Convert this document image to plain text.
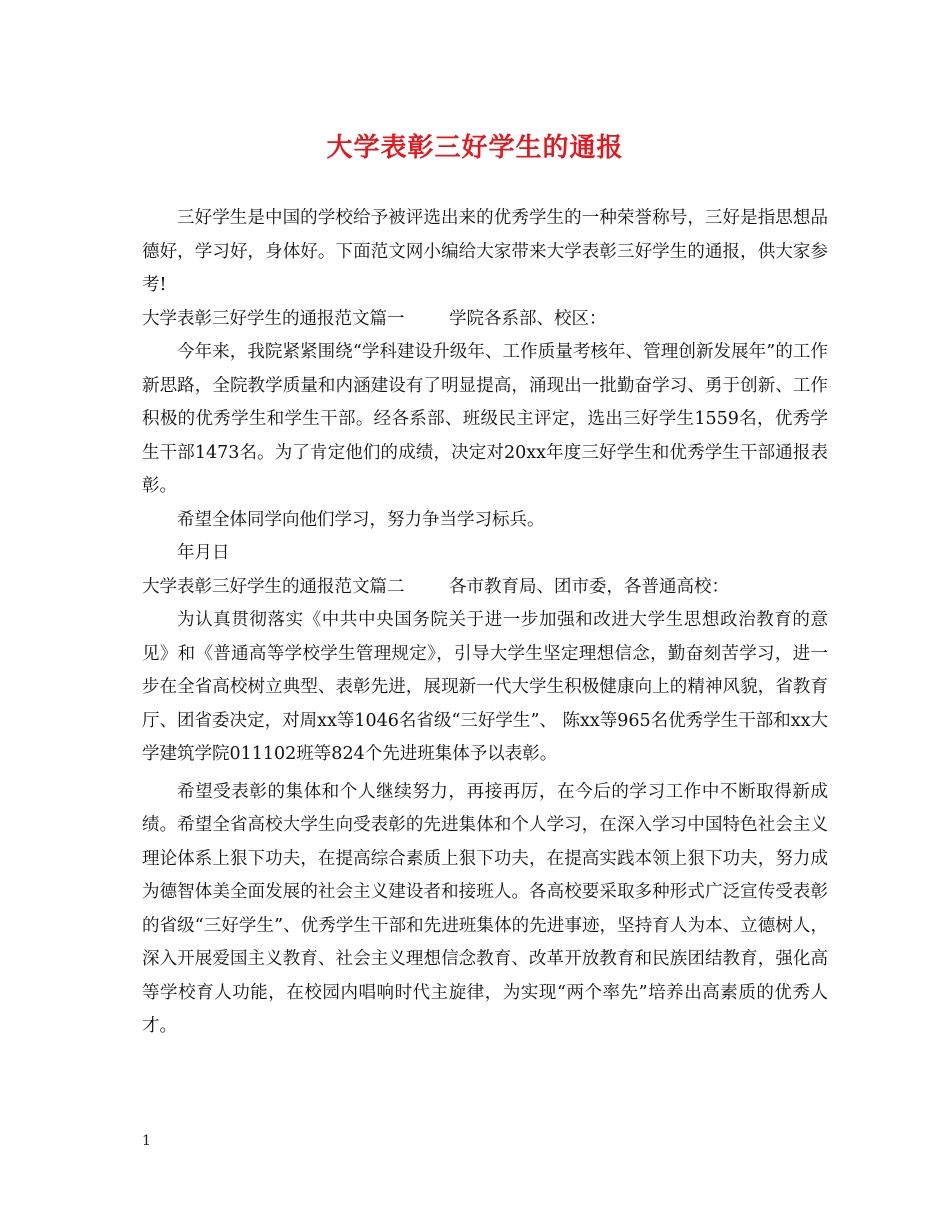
大学表彰三好学生的通报

三好学生是中国的学校给予被评选出来的优秀学生的一种荣誉称号，三好是指思想品德好，学习好，身体好。下面范文网小编给大家带来大学表彰三好学生的通报，供大家参考!

大学表彰三好学生的通报范文篇一	学院各系部、校区：

今年来，我院紧紧围绕“学科建设升级年、工作质量考核年、管理创新发展年”的工作新思路，全院教学质量和内涵建设有了明显提高，涌现出一批勤奋学习、勇于创新、工作积极的优秀学生和学生干部。经各系部、班级民主评定，选出三好学生1559名，优秀学生干部1473名。为了肯定他们的成绩，决定对20xx年度三好学生和优秀学生干部通报表彰。

希望全体同学向他们学习，努力争当学习标兵。

年月日

大学表彰三好学生的通报范文篇二	各市教育局、团市委，各普通高校：

为认真贯彻落实《中共中央国务院关于进一步加强和改进大学生思想政治教育的意见》和《普通高等学校学生管理规定》，引导大学生坚定理想信念，勤奋刻苦学习，进一步在全省高校树立典型、表彰先进，展现新一代大学生积极健康向上的精神风貌，省教育厅、团省委决定，对周xx等1046名省级“三好学生”、 陈xx等965名优秀学生干部和xx大学建筑学院011102班等824个先进班集体予以表彰。

希望受表彰的集体和个人继续努力，再接再厉，在今后的学习工作中不断取得新成绩。希望全省高校大学生向受表彰的先进集体和个人学习，在深入学习中国特色社会主义理论体系上狠下功夫，在提高综合素质上狠下功夫，在提高实践本领上狠下功夫，努力成为德智体美全面发展的社会主义建设者和接班人。各高校要采取多种形式广泛宣传受表彰的省级“三好学生”、优秀学生干部和先进班集体的先进事迹，坚持育人为本、立德树人，深入开展爱国主义教育、社会主义理想信念教育、改革开放教育和民族团结教育，强化高等学校育人功能，在校园内唱响时代主旋律，为实现“两个率先”培养出高素质的优秀人才。

1
